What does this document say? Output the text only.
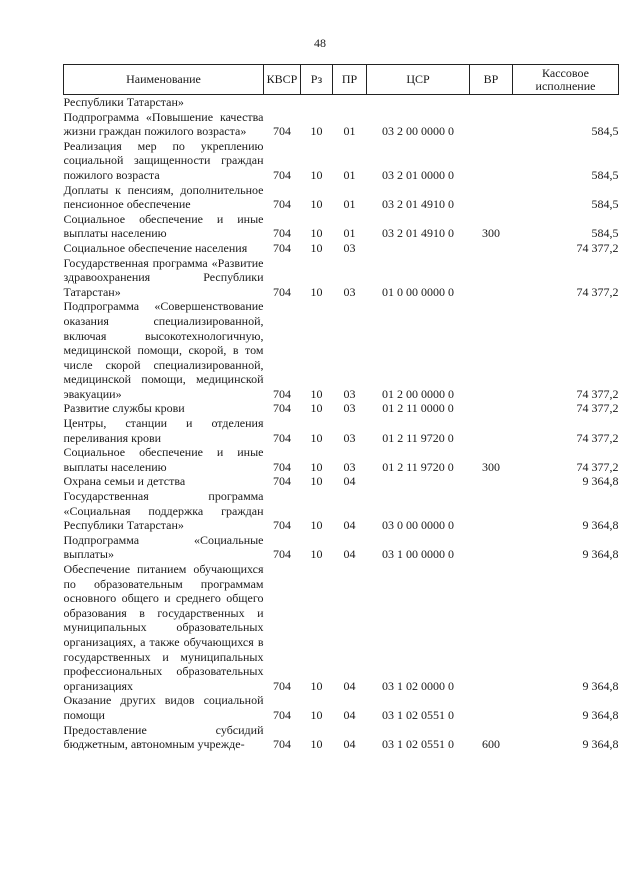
48
Наименование	КВСР	Рз	ПР	ЦСР	ВР	Кассовое исполнение
Республики Татарстан»						
Подпрограмма «Повышение качества жизни граждан пожилого возраста»	704	10	01	03 2 00 0000 0		584,5
Реализация мер по укреплению социальной защищенности граждан пожилого возраста	704	10	01	03 2 01 0000 0		584,5
Доплаты к пенсиям, дополнительное пенсионное обеспечение	704	10	01	03 2 01 4910 0		584,5
Социальное обеспечение и иные выплаты населению	704	10	01	03 2 01 4910 0	300	584,5
Социальное обеспечение населения	704	10	03			74 377,2
Государственная программа «Развитие здравоохранения Республики Татарстан»	704	10	03	01 0 00 0000 0		74 377,2
Подпрограмма «Совершенствование оказания специализированной, включая высокотехнологичную, медицинской помощи, скорой, в том числе скорой специализированной, медицинской помощи, медицинской эвакуации»	704	10	03	01 2 00 0000 0		74 377,2
Развитие службы крови	704	10	03	01 2 11 0000 0		74 377,2
Центры, станции и отделения переливания крови	704	10	03	01 2 11 9720 0		74 377,2
Социальное обеспечение и иные выплаты населению	704	10	03	01 2 11 9720 0	300	74 377,2
Охрана семьи и детства	704	10	04			9 364,8
Государственная программа «Социальная поддержка граждан Республики Татарстан»	704	10	04	03 0 00 0000 0		9 364,8
Подпрограмма «Социальные выплаты»	704	10	04	03 1 00 0000 0		9 364,8
Обеспечение питанием обучающихся по образовательным программам основного общего и среднего общего образования в государственных и муниципальных образовательных организациях, а также обучающихся в государственных и муниципальных профессиональных образовательных организациях	704	10	04	03 1 02 0000 0		9 364,8
Оказание других видов социальной помощи	704	10	04	03 1 02 0551 0		9 364,8
Предоставление субсидий бюджетным, автономным учрежде-	704	10	04	03 1 02 0551 0	600	9 364,8
